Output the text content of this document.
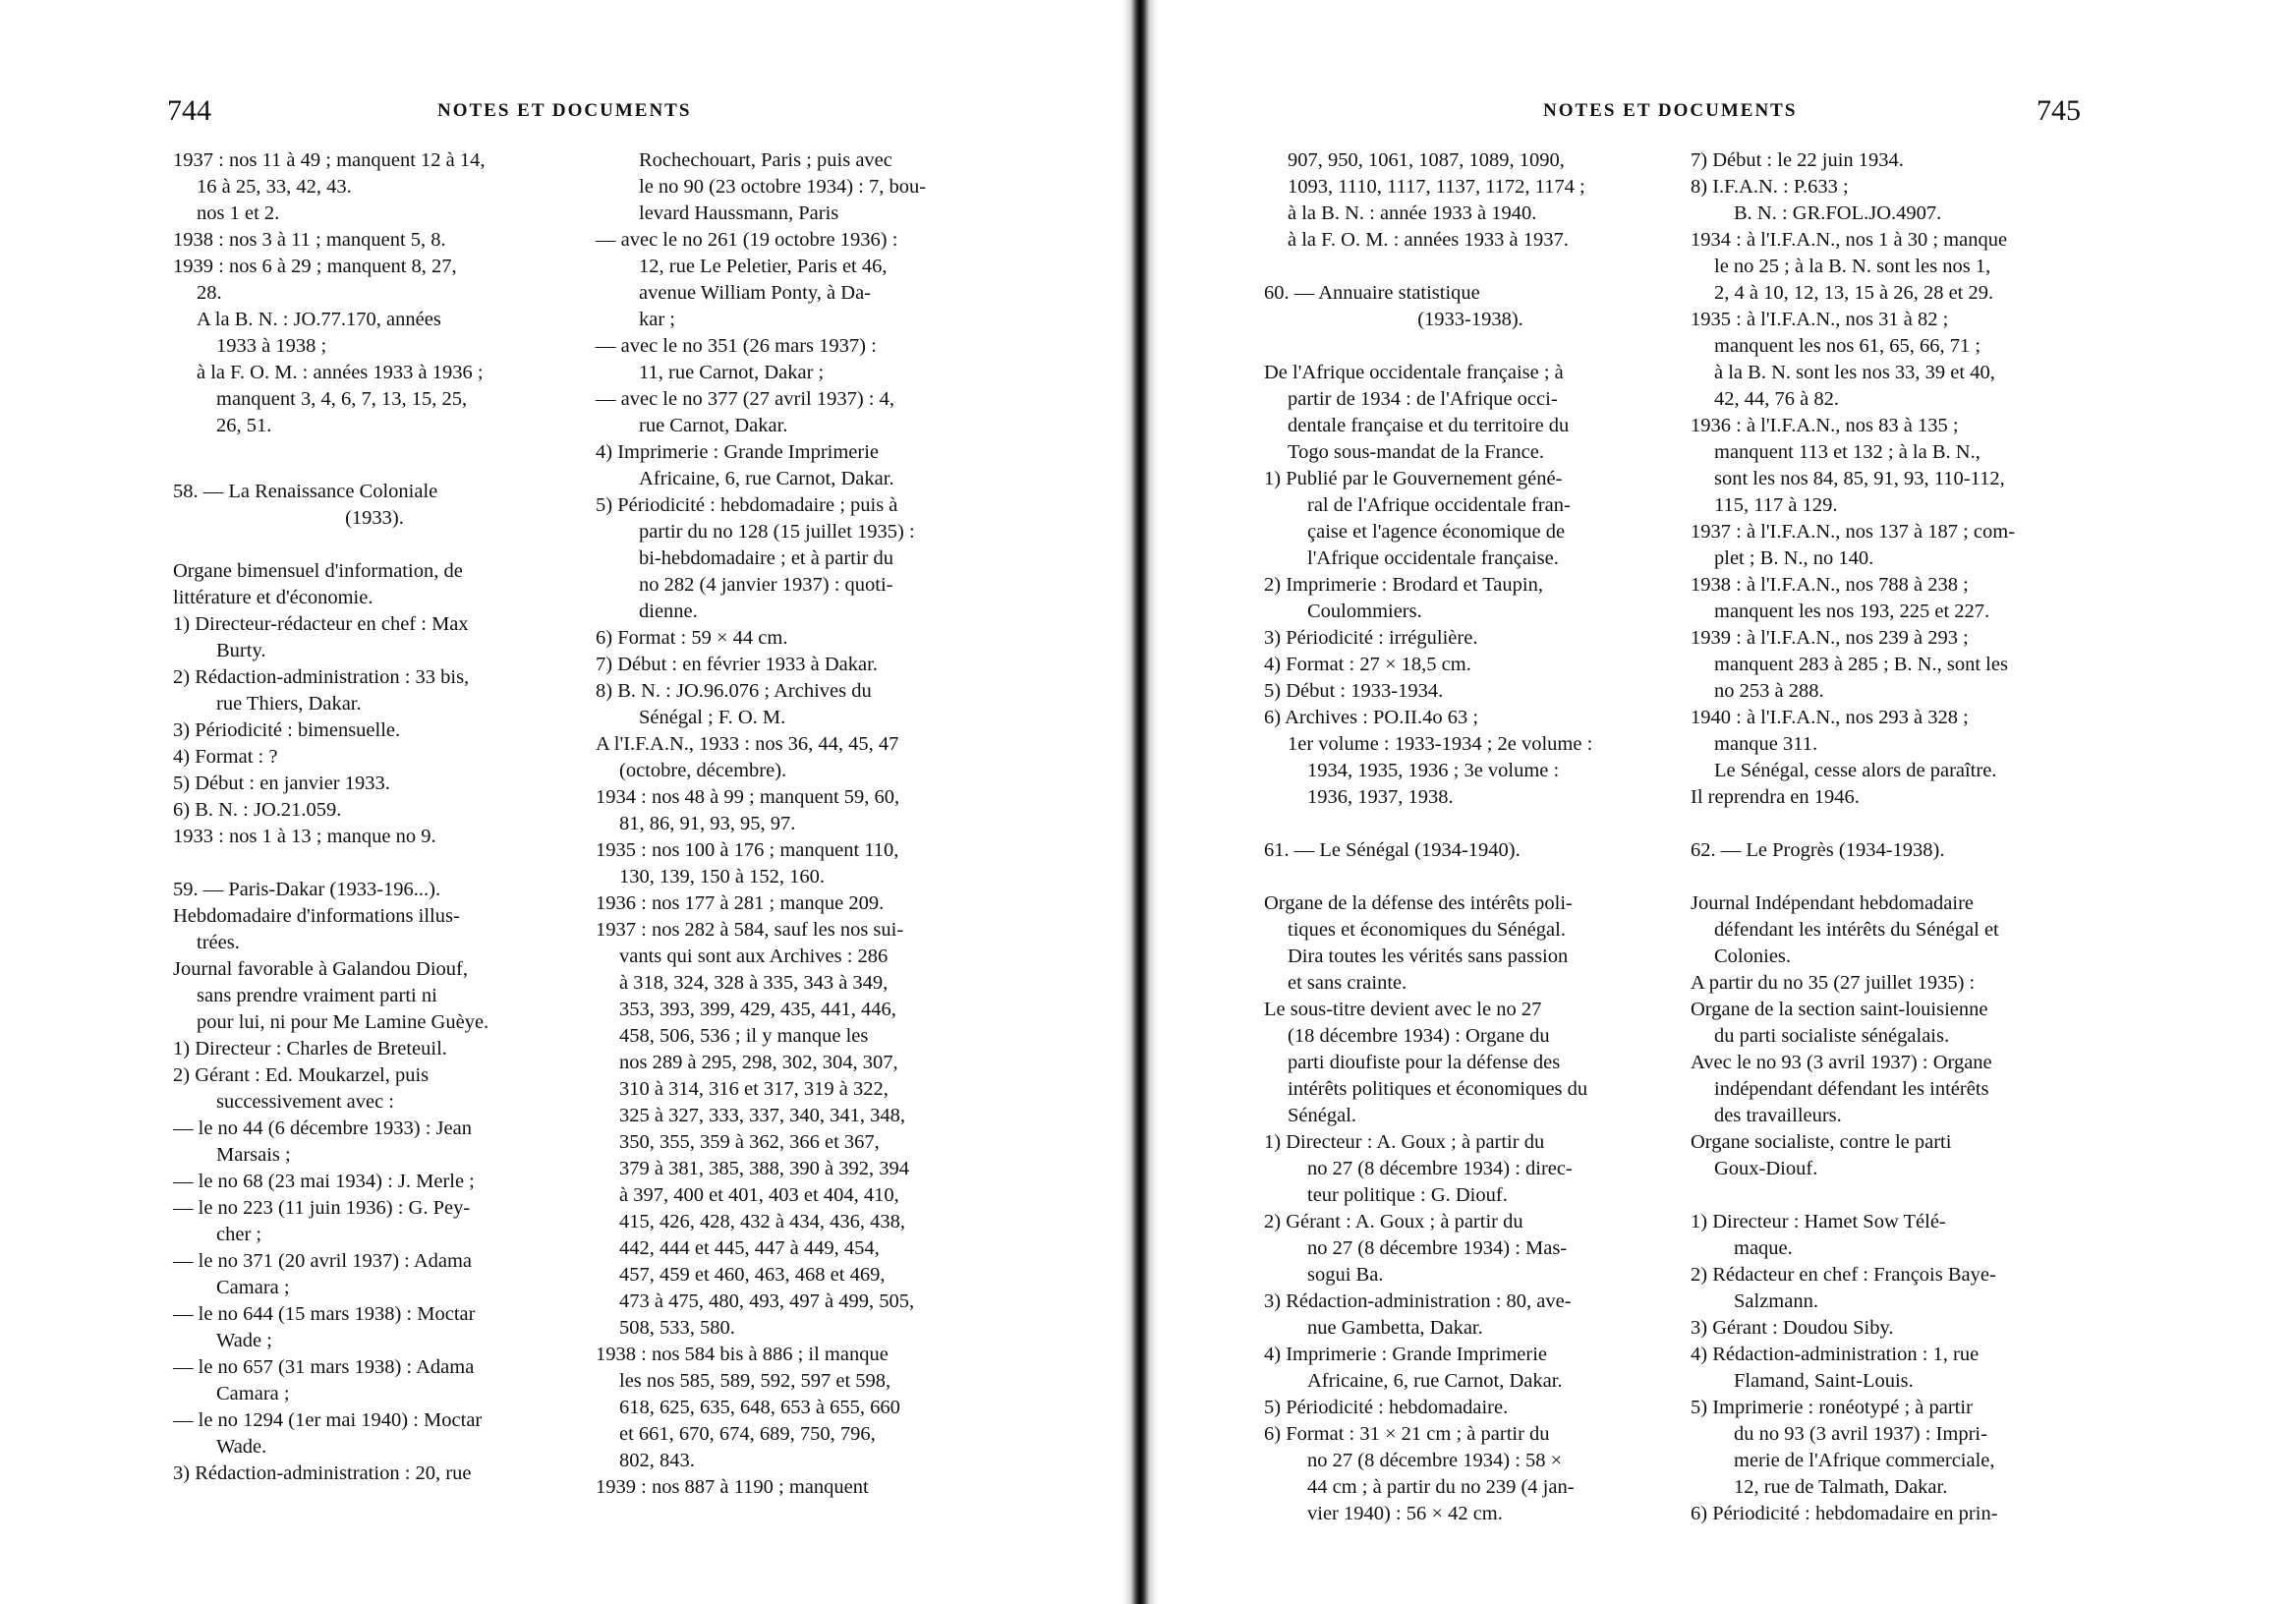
744	NOTES ET DOCUMENTS

1937 : nos 11 à 49 ; manquent 12 à 14,

16 à 25, 33, 42, 43.

nos 1 et 2.

1938 : nos 3 à 11 ; manquent 5, 8.

1939 : nos 6 à 29 ; manquent 8, 27,

28.

A la B. N. : JO.77.170, années

1933 à 1938 ;

à la F. O. M. : années 1933 à 1936 ;

manquent 3, 4, 6, 7, 13, 15, 25,

26, 51.

58. — La Renaissance Coloniale

(1933).

Organe bimensuel d'information, de

littérature et d'économie.

1) Directeur-rédacteur en chef : Max

Burty.

2) Rédaction-administration : 33 bis,

rue Thiers, Dakar.

3) Périodicité : bimensuelle.

4) Format : ?

5) Début : en janvier 1933.

6) B. N. : JO.21.059.

1933 : nos 1 à 13 ; manque no 9.

59. — Paris-Dakar (1933-196...).

Hebdomadaire d'informations illus-

trées.

Journal favorable à Galandou Diouf,

sans prendre vraiment parti ni

pour lui, ni pour Me Lamine Guèye.

1) Directeur : Charles de Breteuil.

2) Gérant : Ed. Moukarzel, puis

successivement avec :

— le no 44 (6 décembre 1933) : Jean

Marsais ;

— le no 68 (23 mai 1934) : J. Merle ;

— le no 223 (11 juin 1936) : G. Pey-

cher ;

— le no 371 (20 avril 1937) : Adama

Camara ;

— le no 644 (15 mars 1938) : Moctar

Wade ;

— le no 657 (31 mars 1938) : Adama

Camara ;

— le no 1294 (1er mai 1940) : Moctar

Wade.

3) Rédaction-administration : 20, rue

Rochechouart, Paris ; puis avec

le no 90 (23 octobre 1934) : 7, bou-

levard Haussmann, Paris

— avec le no 261 (19 octobre 1936) :

12, rue Le Peletier, Paris et 46,

avenue William Ponty, à Da-

kar ;

— avec le no 351 (26 mars 1937) :

11, rue Carnot, Dakar ;

— avec le no 377 (27 avril 1937) : 4,

rue Carnot, Dakar.

4) Imprimerie : Grande Imprimerie

Africaine, 6, rue Carnot, Dakar.

5) Périodicité : hebdomadaire ; puis à

partir du no 128 (15 juillet 1935) :

bi-hebdomadaire ; et à partir du

no 282 (4 janvier 1937) : quoti-

dienne.

6) Format : 59 × 44 cm.

7) Début : en février 1933 à Dakar.

8) B. N. : JO.96.076 ; Archives du

Sénégal ; F. O. M.

A l'I.F.A.N., 1933 : nos 36, 44, 45, 47

(octobre, décembre).

1934 : nos 48 à 99 ; manquent 59, 60,

81, 86, 91, 93, 95, 97.

1935 : nos 100 à 176 ; manquent 110,

130, 139, 150 à 152, 160.

1936 : nos 177 à 281 ; manque 209.

1937 : nos 282 à 584, sauf les nos sui-

vants qui sont aux Archives : 286

à 318, 324, 328 à 335, 343 à 349,

353, 393, 399, 429, 435, 441, 446,

458, 506, 536 ; il y manque les

nos 289 à 295, 298, 302, 304, 307,

310 à 314, 316 et 317, 319 à 322,

325 à 327, 333, 337, 340, 341, 348,

350, 355, 359 à 362, 366 et 367,

379 à 381, 385, 388, 390 à 392, 394

à 397, 400 et 401, 403 et 404, 410,

415, 426, 428, 432 à 434, 436, 438,

442, 444 et 445, 447 à 449, 454,

457, 459 et 460, 463, 468 et 469,

473 à 475, 480, 493, 497 à 499, 505,

508, 533, 580.

1938 : nos 584 bis à 886 ; il manque

les nos 585, 589, 592, 597 et 598,

618, 625, 635, 648, 653 à 655, 660

et 661, 670, 674, 689, 750, 796,

802, 843.

1939 : nos 887 à 1190 ; manquent

NOTES ET DOCUMENTS	745

907, 950, 1061, 1087, 1089, 1090,

1093, 1110, 1117, 1137, 1172, 1174 ;

à la B. N. : année 1933 à 1940.

à la F. O. M. : années 1933 à 1937.

60. — Annuaire statistique

(1933-1938).

De l'Afrique occidentale française ; à

partir de 1934 : de l'Afrique occi-

dentale française et du territoire du

Togo sous-mandat de la France.

1) Publié par le Gouvernement géné-

ral de l'Afrique occidentale fran-

çaise et l'agence économique de

l'Afrique occidentale française.

2) Imprimerie : Brodard et Taupin,

Coulommiers.

3) Périodicité : irrégulière.

4) Format : 27 × 18,5 cm.

5) Début : 1933-1934.

6) Archives : PO.II.4o 63 ;

1er volume : 1933-1934 ; 2e volume :

1934, 1935, 1936 ; 3e volume :

1936, 1937, 1938.

61. — Le Sénégal (1934-1940).

Organe de la défense des intérêts poli-

tiques et économiques du Sénégal.

Dira toutes les vérités sans passion

et sans crainte.

Le sous-titre devient avec le no 27

(18 décembre 1934) : Organe du

parti dioufiste pour la défense des

intérêts politiques et économiques du

Sénégal.

1) Directeur : A. Goux ; à partir du

no 27 (8 décembre 1934) : direc-

teur politique : G. Diouf.

2) Gérant : A. Goux ; à partir du

no 27 (8 décembre 1934) : Mas-

sogui Ba.

3) Rédaction-administration : 80, ave-

nue Gambetta, Dakar.

4) Imprimerie : Grande Imprimerie

Africaine, 6, rue Carnot, Dakar.

5) Périodicité : hebdomadaire.

6) Format : 31 × 21 cm ; à partir du

no 27 (8 décembre 1934) : 58 ×

44 cm ; à partir du no 239 (4 jan-

vier 1940) : 56 × 42 cm.

7) Début : le 22 juin 1934.

8) I.F.A.N. : P.633 ;

B. N. : GR.FOL.JO.4907.

1934 : à l'I.F.A.N., nos 1 à 30 ; manque

le no 25 ; à la B. N. sont les nos 1,

2, 4 à 10, 12, 13, 15 à 26, 28 et 29.

1935 : à l'I.F.A.N., nos 31 à 82 ;

manquent les nos 61, 65, 66, 71 ;

à la B. N. sont les nos 33, 39 et 40,

42, 44, 76 à 82.

1936 : à l'I.F.A.N., nos 83 à 135 ;

manquent 113 et 132 ; à la B. N.,

sont les nos 84, 85, 91, 93, 110-112,

115, 117 à 129.

1937 : à l'I.F.A.N., nos 137 à 187 ; com-

plet ; B. N., no 140.

1938 : à l'I.F.A.N., nos 788 à 238 ;

manquent les nos 193, 225 et 227.

1939 : à l'I.F.A.N., nos 239 à 293 ;

manquent 283 à 285 ; B. N., sont les

no 253 à 288.

1940 : à l'I.F.A.N., nos 293 à 328 ;

manque 311.

Le Sénégal, cesse alors de paraître.

Il reprendra en 1946.

62. — Le Progrès (1934-1938).

Journal Indépendant hebdomadaire

défendant les intérêts du Sénégal et

Colonies.

A partir du no 35 (27 juillet 1935) :

Organe de la section saint-louisienne

du parti socialiste sénégalais.

Avec le no 93 (3 avril 1937) : Organe

indépendant défendant les intérêts

des travailleurs.

Organe socialiste, contre le parti

Goux-Diouf.

1) Directeur : Hamet Sow Télé-

maque.

2) Rédacteur en chef : François Baye-

Salzmann.

3) Gérant : Doudou Siby.

4) Rédaction-administration : 1, rue

Flamand, Saint-Louis.

5) Imprimerie : ronéotypé ; à partir

du no 93 (3 avril 1937) : Impri-

merie de l'Afrique commerciale,

12, rue de Talmath, Dakar.

6) Périodicité : hebdomadaire en prin-
